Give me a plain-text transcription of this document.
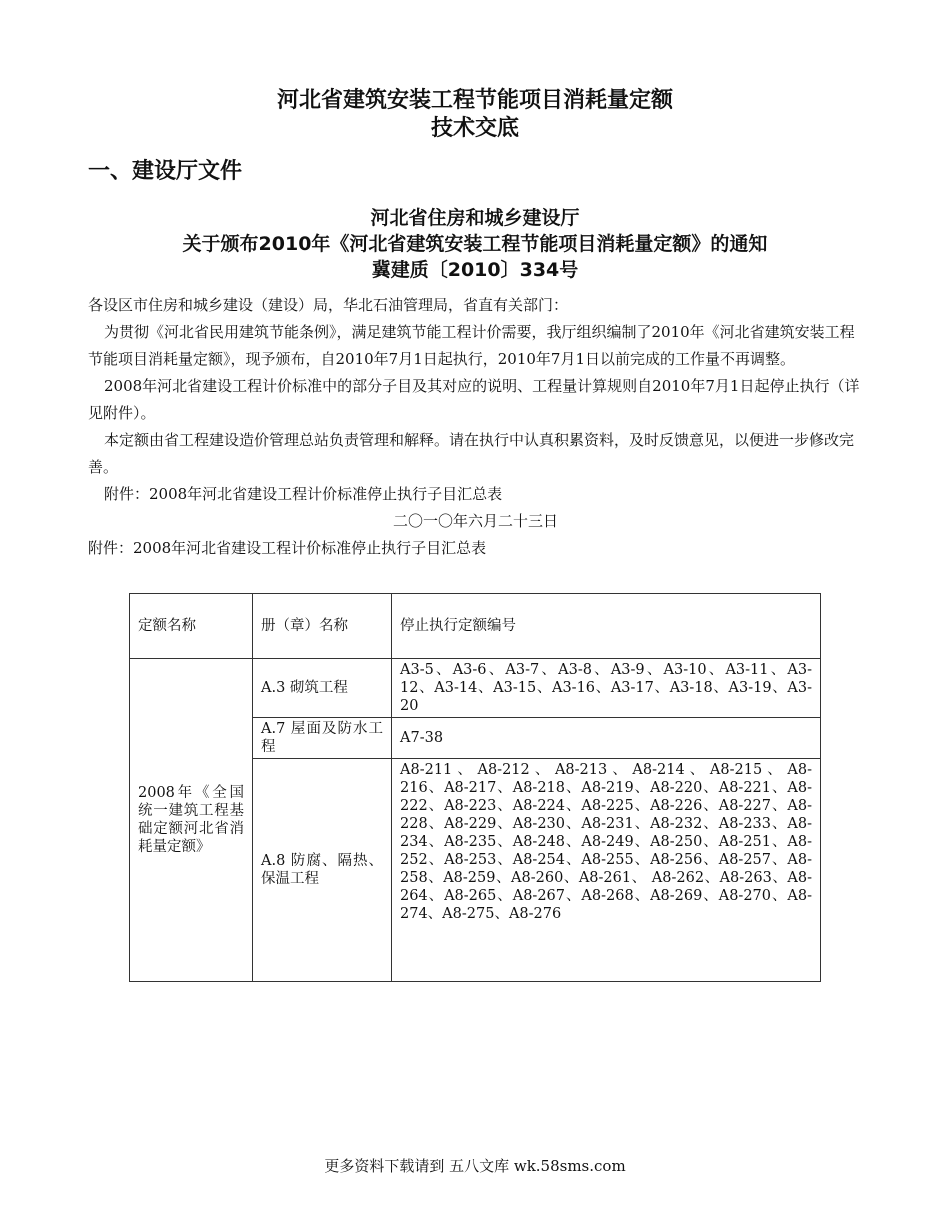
河北省建筑安装工程节能项目消耗量定额
技术交底
一、建设厅文件
河北省住房和城乡建设厅
关于颁布2010年《河北省建筑安装工程节能项目消耗量定额》的通知
冀建质〔2010〕334号

各设区市住房和城乡建设（建设）局，华北石油管理局，省直有关部门：

为贯彻《河北省民用建筑节能条例》，满足建筑节能工程计价需要，我厅组织编制了2010年《河北省建筑安装工程节能项目消耗量定额》，现予颁布，自2010年7月1日起执行，2010年7月1日以前完成的工作量不再调整。

2008年河北省建设工程计价标准中的部分子目及其对应的说明、工程量计算规则自2010年7月1日起停止执行（详见附件）。

本定额由省工程建设造价管理总站负责管理和解释。请在执行中认真积累资料，及时反馈意见，以便进一步修改完善。

附件：2008年河北省建设工程计价标准停止执行子目汇总表

二〇一〇年六月二十三日

附件：2008年河北省建设工程计价标准停止执行子目汇总表

定额名称	册（章）名称	停止执行定额编号
2008年《全国统一建筑工程基础定额河北省消耗量定额》	A.3 砌筑工程	A3-5、A3-6、A3-7、A3-8、A3-9、A3-10、A3-11、A3-12、A3-14、A3-15、A3-16、A3-17、A3-18、A3-19、A3-20
	A.7 屋面及防水工程	A7-38
	A.8 防腐、隔热、保温工程	A8-211 、 A8-212 、 A8-213 、 A8-214 、 A8-215 、 A8-216、A8-217、A8-218、A8-219、A8-220、A8-221、A8-222、A8-223、A8-224、A8-225、A8-226、A8-227、A8-228、A8-229、A8-230、A8-231、A8-232、A8-233、A8-234、A8-235、A8-248、A8-249、A8-250、A8-251、A8-252、A8-253、A8-254、A8-255、A8-256、A8-257、A8-258、A8-259、A8-260、A8-261、 A8-262、A8-263、A8-264、A8-265、A8-267、A8-268、A8-269、A8-270、A8-274、A8-275、A8-276
更多资料下载请到 五八文库 wk.58sms.com
